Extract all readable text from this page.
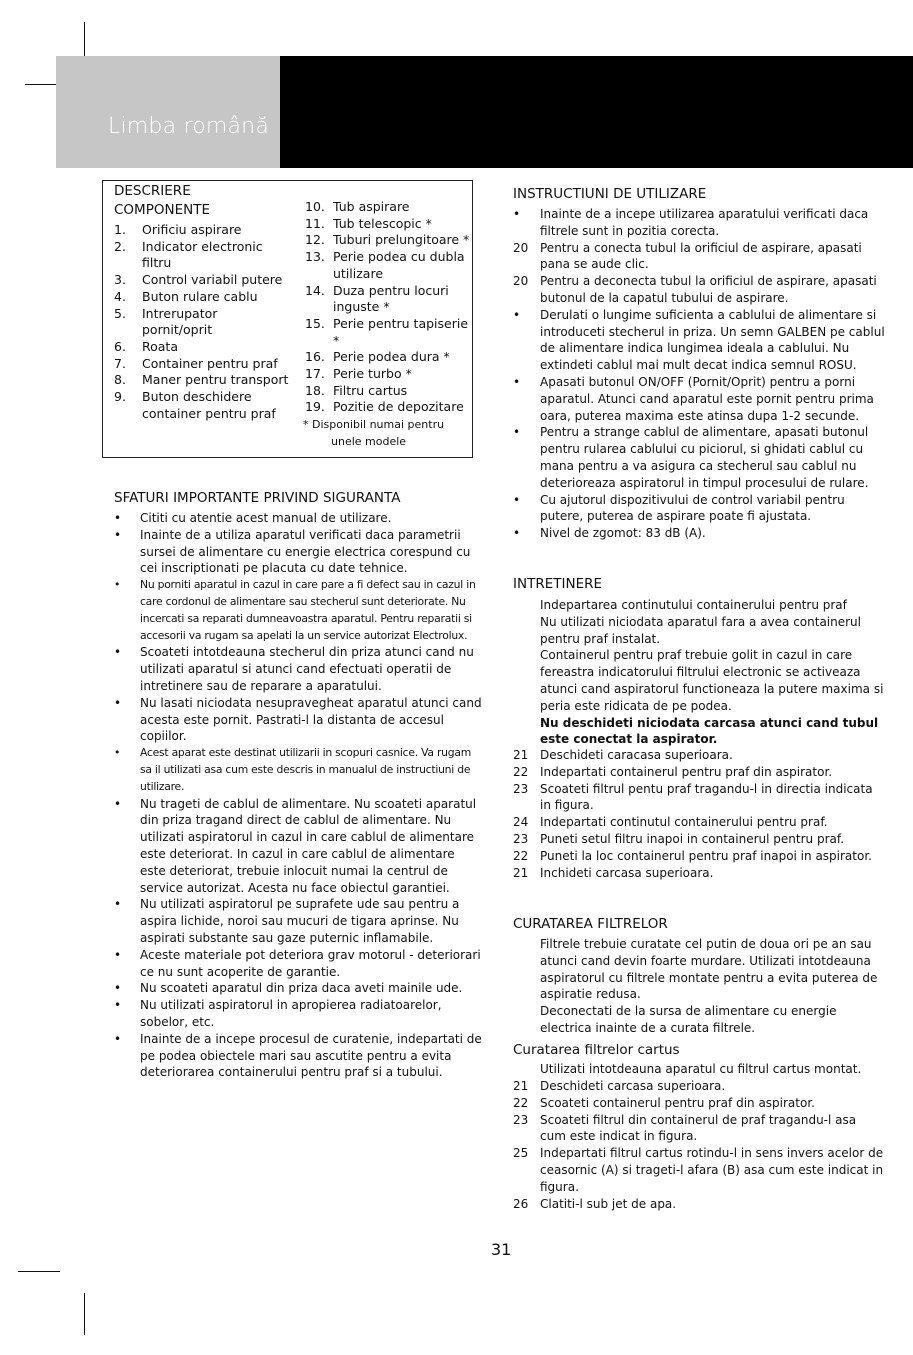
Limba română
DESCRIERE
COMPONENTE
1.	Orificiu aspirare
2.	Indicator electronic filtru
3.	Control variabil putere
4.	Buton rulare cablu
5.	Intrerupator pornit/oprit
6.	Roata
7.	Container pentru praf
8.	Maner pentru transport
9.	Buton deschidere container pentru praf
10. Tub aspirare
11. Tub telescopic *
12. Tuburi prelungitoare *
13. Perie podea cu dubla utilizare
14. Duza pentru locuri inguste *
15. Perie pentru tapiserie *
16. Perie podea dura *
17. Perie turbo *
18. Filtru cartus
19. Pozitie de depozitare
* Disponibil numai pentru
unele modele
SFATURI IMPORTANTE PRIVIND SIGURANTA
•	Cititi cu atentie acest manual de utilizare.
•	Inainte de a utiliza aparatul verificati daca parametrii sursei de alimentare cu energie electrica corespund cu cei inscriptionati pe placuta cu date tehnice.
•	Nu porniti aparatul in cazul in care pare a fi defect sau in cazul in care cordonul de alimentare sau stecherul sunt deteriorate. Nu incercati sa reparati dumneavoastra aparatul. Pentru reparatii si accesorii va rugam sa apelati la un service autorizat Electrolux.
•	Scoateti intotdeauna stecherul din priza atunci cand nu utilizati aparatul si atunci cand efectuati operatii de intretinere sau de reparare a aparatului.
•	Nu lasati niciodata nesupravegheat aparatul atunci cand acesta este pornit. Pastrati-l la distanta de accesul copiilor.
•	Acest aparat este destinat utilizarii in scopuri casnice. Va rugam sa il utilizati asa cum este descris in manualul de instructiuni de utilizare.
•	Nu trageti de cablul de alimentare. Nu scoateti aparatul din priza tragand direct de cablul de alimentare. Nu utilizati aspiratorul in cazul in care cablul de alimentare este deteriorat. In cazul in care cablul de alimentare este deteriorat, trebuie inlocuit numai la centrul de service autorizat. Acesta nu face obiectul garantiei.
•	Nu utilizati aspiratorul pe suprafete ude sau pentru a aspira lichide, noroi sau mucuri de tigara aprinse. Nu aspirati substante sau gaze puternic inflamabile.
•	Aceste materiale pot deteriora grav motorul - deteriorari ce nu sunt acoperite de garantie.
•	Nu scoateti aparatul din priza daca aveti mainile ude.
•	Nu utilizati aspiratorul in apropierea radiatoarelor, sobelor, etc.
•	Inainte de a incepe procesul de curatenie, indepartati de pe podea obiectele mari sau ascutite pentru a evita deteriorarea containerului pentru praf si a tubului.
INSTRUCTIUNI DE UTILIZARE
•	Inainte de a incepe utilizarea aparatului verificati daca filtrele sunt in pozitia corecta.
20 Pentru a conecta tubul la orificiul de aspirare, apasati pana se aude clic.
20 Pentru a deconecta tubul la orificiul de aspirare, apasati butonul de la capatul tubului de aspirare.
•	Derulati o lungime suficienta a cablului de alimentare si introduceti stecherul in priza. Un semn GALBEN pe cablul de alimentare indica lungimea ideala a cablului. Nu extindeti cablul mai mult decat indica semnul ROSU.
•	Apasati butonul ON/OFF (Pornit/Oprit) pentru a porni aparatul. Atunci cand aparatul este pornit pentru prima oara, puterea maxima este atinsa dupa 1-2 secunde.
•	Pentru a strange cablul de alimentare, apasati butonul pentru rularea cablului cu piciorul, si ghidati cablul cu mana pentru a va asigura ca stecherul sau cablul nu deterioreaza aspiratorul in timpul procesului de rulare.
•	Cu ajutorul dispozitivului de control variabil pentru putere, puterea de aspirare poate fi ajustata.
•	Nivel de zgomot: 83 dB (A).
INTRETINERE
Indepartarea continutului containerului pentru praf
Nu utilizati niciodata aparatul fara a avea containerul pentru praf instalat.
Containerul pentru praf trebuie golit in cazul in care fereastra indicatorului filtrului electronic se activeaza atunci cand aspiratorul functioneaza la putere maxima si peria este ridicata de pe podea.
Nu deschideti niciodata carcasa atunci cand tubul este conectat la aspirator.
21 Deschideti caracasa superioara.
22 Indepartati containerul pentru praf din aspirator.
23 Scoateti filtrul pentu praf tragandu-l in directia indicata in figura.
24 Indepartati continutul containerului pentru praf.
23 Puneti setul filtru inapoi in containerul pentru praf.
22 Puneti la loc containerul pentru praf inapoi in aspirator.
21 Inchideti carcasa superioara.
CURATAREA FILTRELOR
Filtrele trebuie curatate cel putin de doua ori pe an sau atunci cand devin foarte murdare. Utilizati intotdeauna aspiratorul cu filtrele montate pentru a evita puterea de aspiratie redusa.
Deconectati de la sursa de alimentare cu energie electrica inainte de a curata filtrele.
Curatarea filtrelor cartus
Utilizati intotdeauna aparatul cu filtrul cartus montat.
21 Deschideti carcasa superioara.
22 Scoateti containerul pentru praf din aspirator.
23 Scoateti filtrul din containerul de praf tragandu-l asa cum este indicat in figura.
25 Indepartati filtrul cartus rotindu-l in sens invers acelor de ceasornic (A) si trageti-l afara (B) asa cum este indicat in figura.
26 Clatiti-l sub jet de apa.
31
